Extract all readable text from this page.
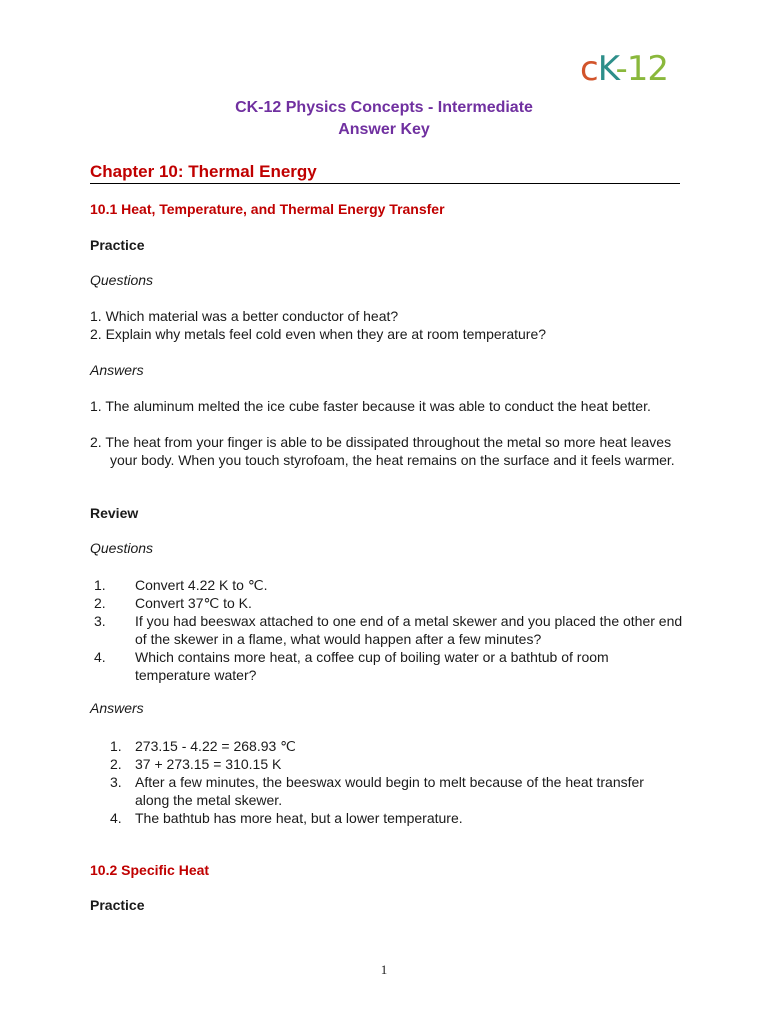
cK-12
CK-12 Physics Concepts - Intermediate
Answer Key
Chapter 10: Thermal Energy
10.1 Heat, Temperature, and Thermal Energy Transfer
Practice
Questions
1. Which material was a better conductor of heat?
2. Explain why metals feel cold even when they are at room temperature?
Answers
1. The aluminum melted the ice cube faster because it was able to conduct the heat better.
2. The heat from your finger is able to be dissipated throughout the metal so more heat leaves your body. When you touch styrofoam, the heat remains on the surface and it feels warmer.
Review
Questions
1. Convert 4.22 K to ℃.
2. Convert 37℃ to K.
3. If you had beeswax attached to one end of a metal skewer and you placed the other end of the skewer in a flame, what would happen after a few minutes?
4. Which contains more heat, a coffee cup of boiling water or a bathtub of room temperature water?
Answers
1. 273.15 - 4.22 = 268.93 ℃
2. 37 + 273.15 = 310.15 K
3. After a few minutes, the beeswax would begin to melt because of the heat transfer along the metal skewer.
4. The bathtub has more heat, but a lower temperature.
10.2 Specific Heat
Practice
1
